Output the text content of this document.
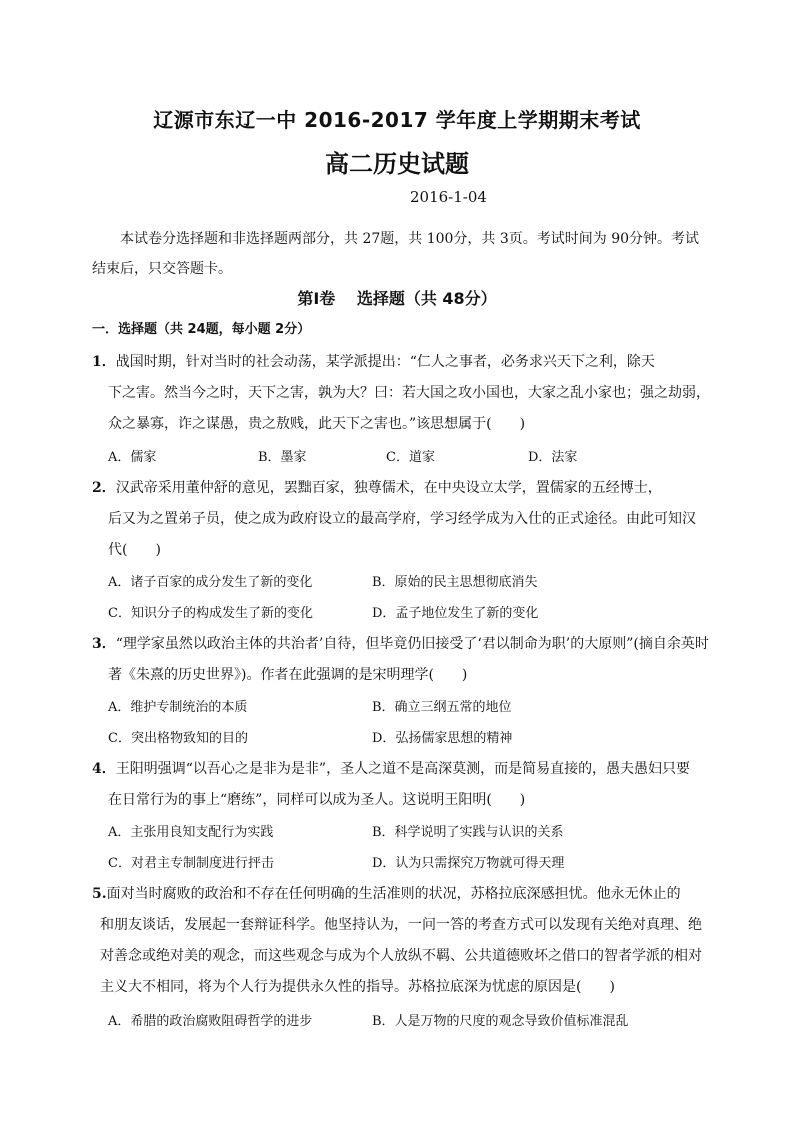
辽源市东辽一中 2016-2017 学年度上学期期末考试
高二历史试题
2016-1-04
本试卷分选择题和非选择题两部分，共 27题，共 100分，共 3页。考试时间为 90分钟。考试
结束后，只交答题卡。
第Ⅰ卷　 选择题（共 48分）
一．选择题（共 24题，每小题 2分）
1．战国时期，针对当时的社会动荡，某学派提出：“仁人之事者，必务求兴天下之利，除天
下之害。然当今之时，天下之害，孰为大？曰：若大国之攻小国也，大家之乱小家也；强之劫弱，
众之暴寡，诈之谋愚，贵之敖贱，此天下之害也。”该思想属于(　　)
A．儒家	B．墨家	C．道家	D．法家
2．汉武帝采用董仲舒的意见，罢黜百家，独尊儒术，在中央设立太学，置儒家的五经博士，
后又为之置弟子员，使之成为政府设立的最高学府，学习经学成为入仕的正式途径。由此可知汉
代(　　)
A．诸子百家的成分发生了新的变化	B．原始的民主思想彻底消失
C．知识分子的构成发生了新的变化	D．孟子地位发生了新的变化
3．“理学家虽然以政治主体的共治者’自待，但毕竟仍旧接受了‘君以制命为职’的大原则”(摘自余英时
著《朱熹的历史世界》)。作者在此强调的是宋明理学(　　)
A．维护专制统治的本质	B．确立三纲五常的地位
C．突出格物致知的目的	D．弘扬儒家思想的精神
4．王阳明强调“以吾心之是非为是非”，圣人之道不是高深莫测，而是简易直接的，愚夫愚妇只要
在日常行为的事上“磨练”，同样可以成为圣人。这说明王阳明(　　)
A．主张用良知支配行为实践	B．科学说明了实践与认识的关系
C．对君主专制制度进行抨击	D．认为只需探究万物就可得天理
5.面对当时腐败的政治和不存在任何明确的生活准则的状况，苏格拉底深感担忧。他永无休止的
和朋友谈话，发展起一套辩证科学。他坚持认为，一问一答的考查方式可以发现有关绝对真理、绝
对善念或绝对美的观念，而这些观念与成为个人放纵不羁、公共道德败坏之借口的智者学派的相对
主义大不相同，将为个人行为提供永久性的指导。苏格拉底深为忧虑的原因是(　　)
A．希腊的政治腐败阻碍哲学的进步	B．人是万物的尺度的观念导致价值标准混乱
